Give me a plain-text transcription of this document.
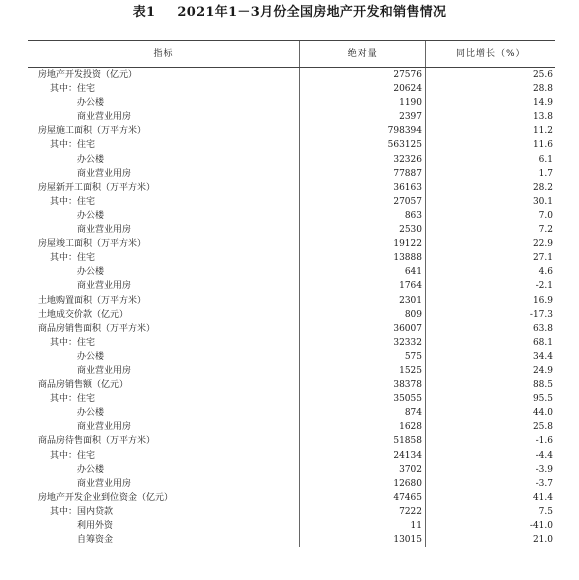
表1 2021年1－3月份全国房地产开发和销售情况
指标	绝对量	同比增长（%）
房地产开发投资（亿元）	27576	25.6
其中：住宅	20624	28.8
办公楼	1190	14.9
商业营业用房	2397	13.8
房屋施工面积（万平方米）	798394	11.2
其中：住宅	563125	11.6
办公楼	32326	6.1
商业营业用房	77887	1.7
房屋新开工面积（万平方米）	36163	28.2
其中：住宅	27057	30.1
办公楼	863	7.0
商业营业用房	2530	7.2
房屋竣工面积（万平方米）	19122	22.9
其中：住宅	13888	27.1
办公楼	641	4.6
商业营业用房	1764	-2.1
土地购置面积（万平方米）	2301	16.9
土地成交价款（亿元）	809	-17.3
商品房销售面积（万平方米）	36007	63.8
其中：住宅	32332	68.1
办公楼	575	34.4
商业营业用房	1525	24.9
商品房销售额（亿元）	38378	88.5
其中：住宅	35055	95.5
办公楼	874	44.0
商业营业用房	1628	25.8
商品房待售面积（万平方米）	51858	-1.6
其中：住宅	24134	-4.4
办公楼	3702	-3.9
商业营业用房	12680	-3.7
房地产开发企业到位资金（亿元）	47465	41.4
其中：国内贷款	7222	7.5
利用外资	11	-41.0
自筹资金	13015	21.0
